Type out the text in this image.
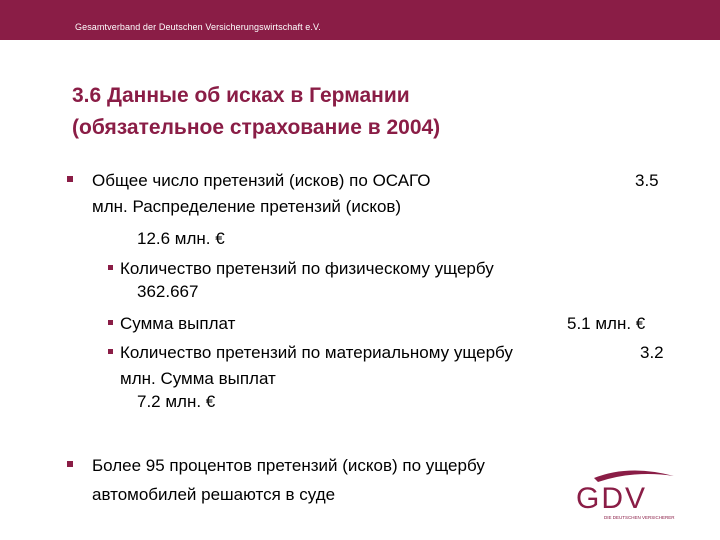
Gesamtverband der Deutschen Versicherungswirtschaft e.V.
3.6 Данные об исках в Германии
(обязательное страхование в 2004)
Общее число претензий (исков) по ОСАГО	3.5
млн. Распределение претензий (исков)
12.6 млн. €
Количество претензий по физическому ущербу
362.667
Сумма выплат	5.1 млн. €
Количество претензий по материальному ущербу	3.2
млн. Сумма выплат
7.2 млн. €
Более 95 процентов претензий (исков) по ущербу
автомобилей решаются в суде	GDV
DIE DEUTSCHEN VERSICHERER
